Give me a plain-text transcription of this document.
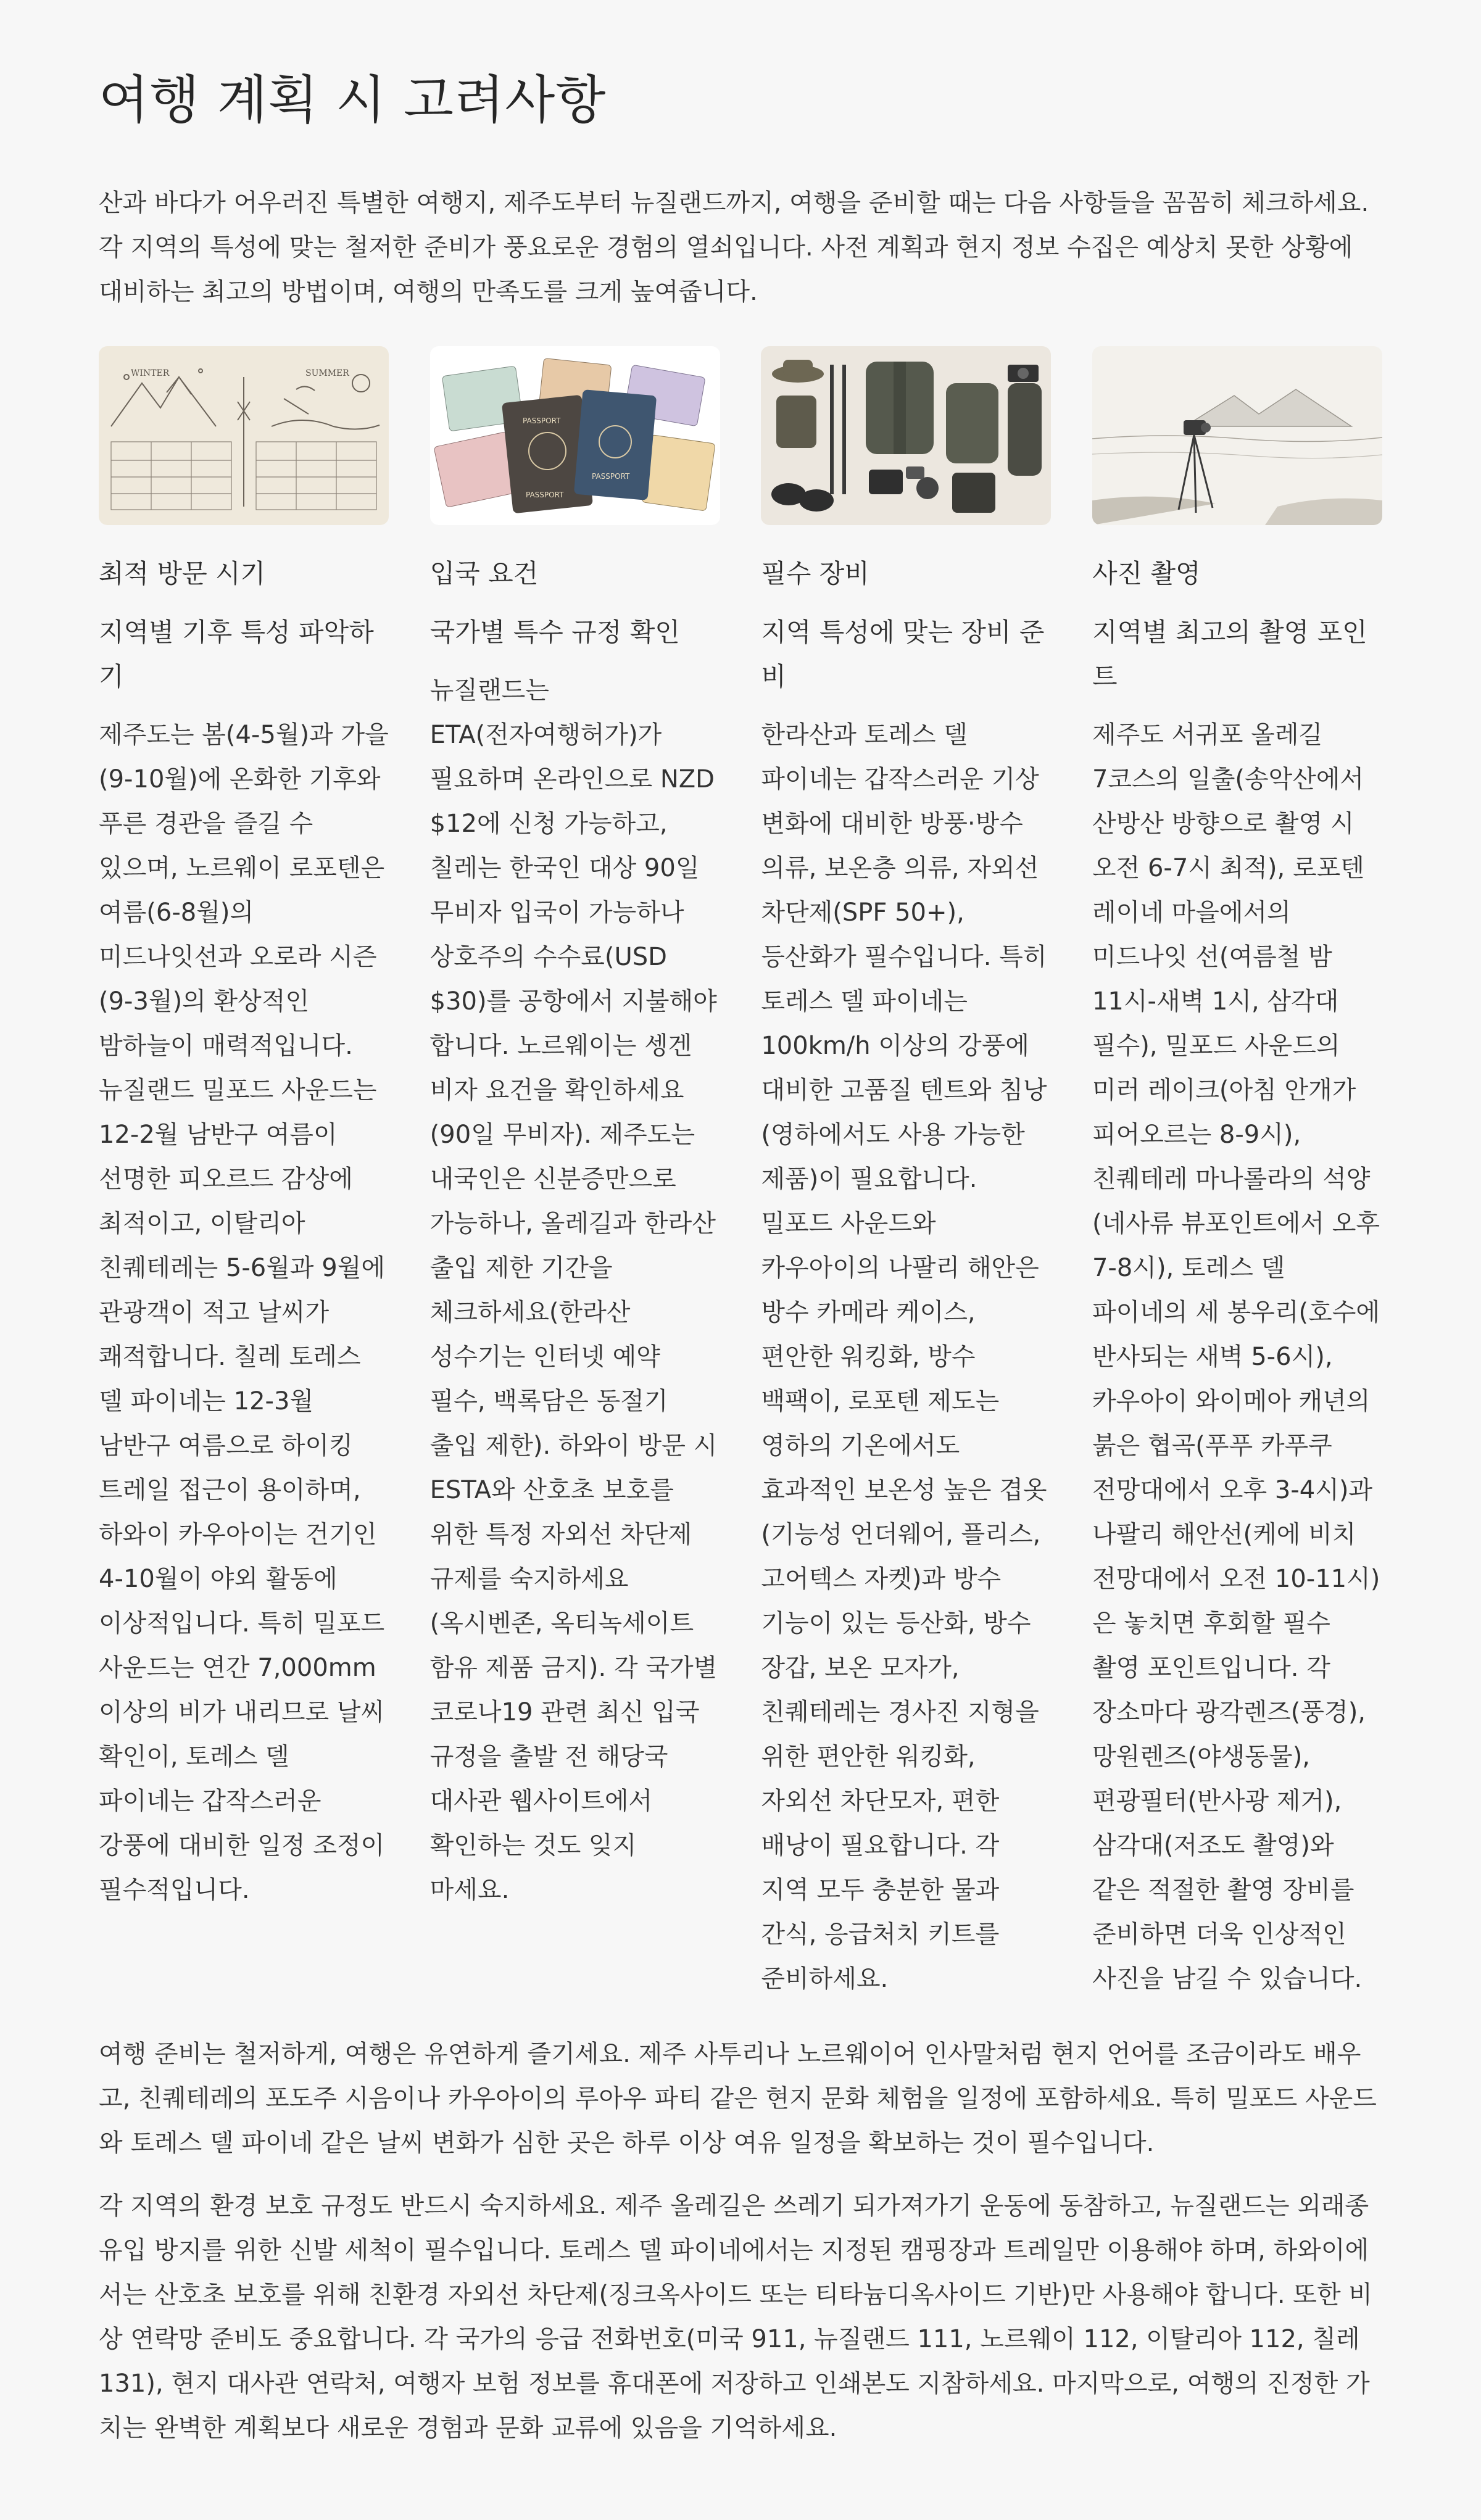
여행 계획 시 고려사항

산과 바다가 어우러진 특별한 여행지, 제주도부터 뉴질랜드까지, 여행을 준비할 때는 다음 사항들을 꼼꼼히 체크하세요. 각 지역의 특성에 맞는 철저한 준비가 풍요로운 경험의 열쇠입니다. 사전 계획과 현지 정보 수집은 예상치 못한 상황에 대비하는 최고의 방법이며, 여행의 만족도를 크게 높여줍니다.

WINTER	SUMMER
최적 방문 시기

지역별 기후 특성 파악하기

제주도는 봄(4-5월)과 가을(9-10월)에 온화한 기후와 푸른 경관을 즐길 수 있으며, 노르웨이 로포텐은 여름(6-8월)의 미드나잇선과 오로라 시즌(9-3월)의 환상적인 밤하늘이 매력적입니다. 뉴질랜드 밀포드 사운드는 12-2월 남반구 여름이 선명한 피오르드 감상에 최적이고, 이탈리아 친퀘테레는 5-6월과 9월에 관광객이 적고 날씨가 쾌적합니다. 칠레 토레스 델 파이네는 12-3월 남반구 여름으로 하이킹 트레일 접근이 용이하며, 하와이 카우아이는 건기인 4-10월이 야외 활동에 이상적입니다. 특히 밀포드 사운드는 연간 7,000mm 이상의 비가 내리므로 날씨 확인이, 토레스 델 파이네는 갑작스러운 강풍에 대비한 일정 조정이 필수적입니다.

PASSPORT
PASSPORT
PASSPORT
입국 요건

국가별 특수 규정 확인

뉴질랜드는 ETA(전자여행허가)가 필요하며 온라인으로 NZD $12에 신청 가능하고, 칠레는 한국인 대상 90일 무비자 입국이 가능하나 상호주의 수수료(USD $30)를 공항에서 지불해야 합니다. 노르웨이는 셍겐 비자 요건을 확인하세요(90일 무비자). 제주도는 내국인은 신분증만으로 가능하나, 올레길과 한라산 출입 제한 기간을 체크하세요(한라산 성수기는 인터넷 예약 필수, 백록담은 동절기 출입 제한). 하와이 방문 시 ESTA와 산호초 보호를 위한 특정 자외선 차단제 규제를 숙지하세요(옥시벤존, 옥티녹세이트 함유 제품 금지). 각 국가별 코로나19 관련 최신 입국 규정을 출발 전 해당국 대사관 웹사이트에서 확인하는 것도 잊지 마세요.

필수 장비

지역 특성에 맞는 장비 준비

한라산과 토레스 델 파이네는 갑작스러운 기상 변화에 대비한 방풍·방수 의류, 보온층 의류, 자외선 차단제(SPF 50+), 등산화가 필수입니다. 특히 토레스 델 파이네는 100km/h 이상의 강풍에 대비한 고품질 텐트와 침낭(영하에서도 사용 가능한 제품)이 필요합니다. 밀포드 사운드와 카우아이의 나팔리 해안은 방수 카메라 케이스, 편안한 워킹화, 방수 백팩이, 로포텐 제도는 영하의 기온에서도 효과적인 보온성 높은 겹옷(기능성 언더웨어, 플리스, 고어텍스 자켓)과 방수 기능이 있는 등산화, 방수 장갑, 보온 모자가, 친퀘테레는 경사진 지형을 위한 편안한 워킹화, 자외선 차단모자, 편한 배낭이 필요합니다. 각 지역 모두 충분한 물과 간식, 응급처치 키트를 준비하세요.

사진 촬영

지역별 최고의 촬영 포인트

제주도 서귀포 올레길 7코스의 일출(송악산에서 산방산 방향으로 촬영 시 오전 6-7시 최적), 로포텐 레이네 마을에서의 미드나잇 선(여름철 밤 11시-새벽 1시, 삼각대 필수), 밀포드 사운드의 미러 레이크(아침 안개가 피어오르는 8-9시), 친퀘테레 마나롤라의 석양(네사류 뷰포인트에서 오후 7-8시), 토레스 델 파이네의 세 봉우리(호수에 반사되는 새벽 5-6시), 카우아이 와이메아 캐년의 붉은 협곡(푸푸 카푸쿠 전망대에서 오후 3-4시)과 나팔리 해안선(케에 비치 전망대에서 오전 10-11시)은 놓치면 후회할 필수 촬영 포인트입니다. 각 장소마다 광각렌즈(풍경), 망원렌즈(야생동물), 편광필터(반사광 제거), 삼각대(저조도 촬영)와 같은 적절한 촬영 장비를 준비하면 더욱 인상적인 사진을 남길 수 있습니다.

여행 준비는 철저하게, 여행은 유연하게 즐기세요. 제주 사투리나 노르웨이어 인사말처럼 현지 언어를 조금이라도 배우고, 친퀘테레의 포도주 시음이나 카우아이의 루아우 파티 같은 현지 문화 체험을 일정에 포함하세요. 특히 밀포드 사운드와 토레스 델 파이네 같은 날씨 변화가 심한 곳은 하루 이상 여유 일정을 확보하는 것이 필수입니다.

각 지역의 환경 보호 규정도 반드시 숙지하세요. 제주 올레길은 쓰레기 되가져가기 운동에 동참하고, 뉴질랜드는 외래종 유입 방지를 위한 신발 세척이 필수입니다. 토레스 델 파이네에서는 지정된 캠핑장과 트레일만 이용해야 하며, 하와이에서는 산호초 보호를 위해 친환경 자외선 차단제(징크옥사이드 또는 티타늄디옥사이드 기반)만 사용해야 합니다. 또한 비상 연락망 준비도 중요합니다. 각 국가의 응급 전화번호(미국 911, 뉴질랜드 111, 노르웨이 112, 이탈리아 112, 칠레 131), 현지 대사관 연락처, 여행자 보험 정보를 휴대폰에 저장하고 인쇄본도 지참하세요. 마지막으로, 여행의 진정한 가치는 완벽한 계획보다 새로운 경험과 문화 교류에 있음을 기억하세요.
